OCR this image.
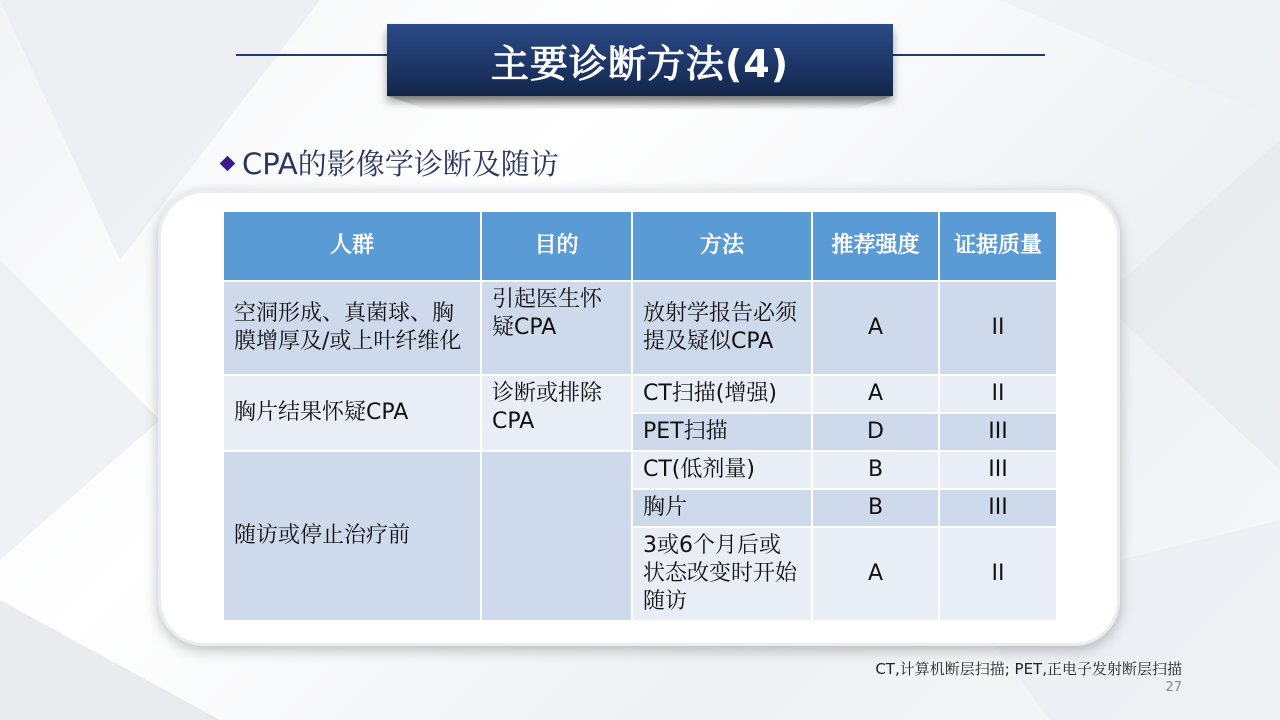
主要诊断方法(4)
CPA的影像学诊断及随访
人群	目的	方法	推荐强度	证据质量
空洞形成、真菌球、胸膜增厚及/或上叶纤维化	引起医生怀疑CPA	放射学报告必须提及疑似CPA	A	II
胸片结果怀疑CPA	诊断或排除CPA	CT扫描(增强)	A	II
		PET扫描	D	III
随访或停止治疗前		CT(低剂量)	B	III
		胸片	B	III
		3或6个月后或状态改变时开始随访	A	II
CT,计算机断层扫描; PET,正电子发射断层扫描
27
